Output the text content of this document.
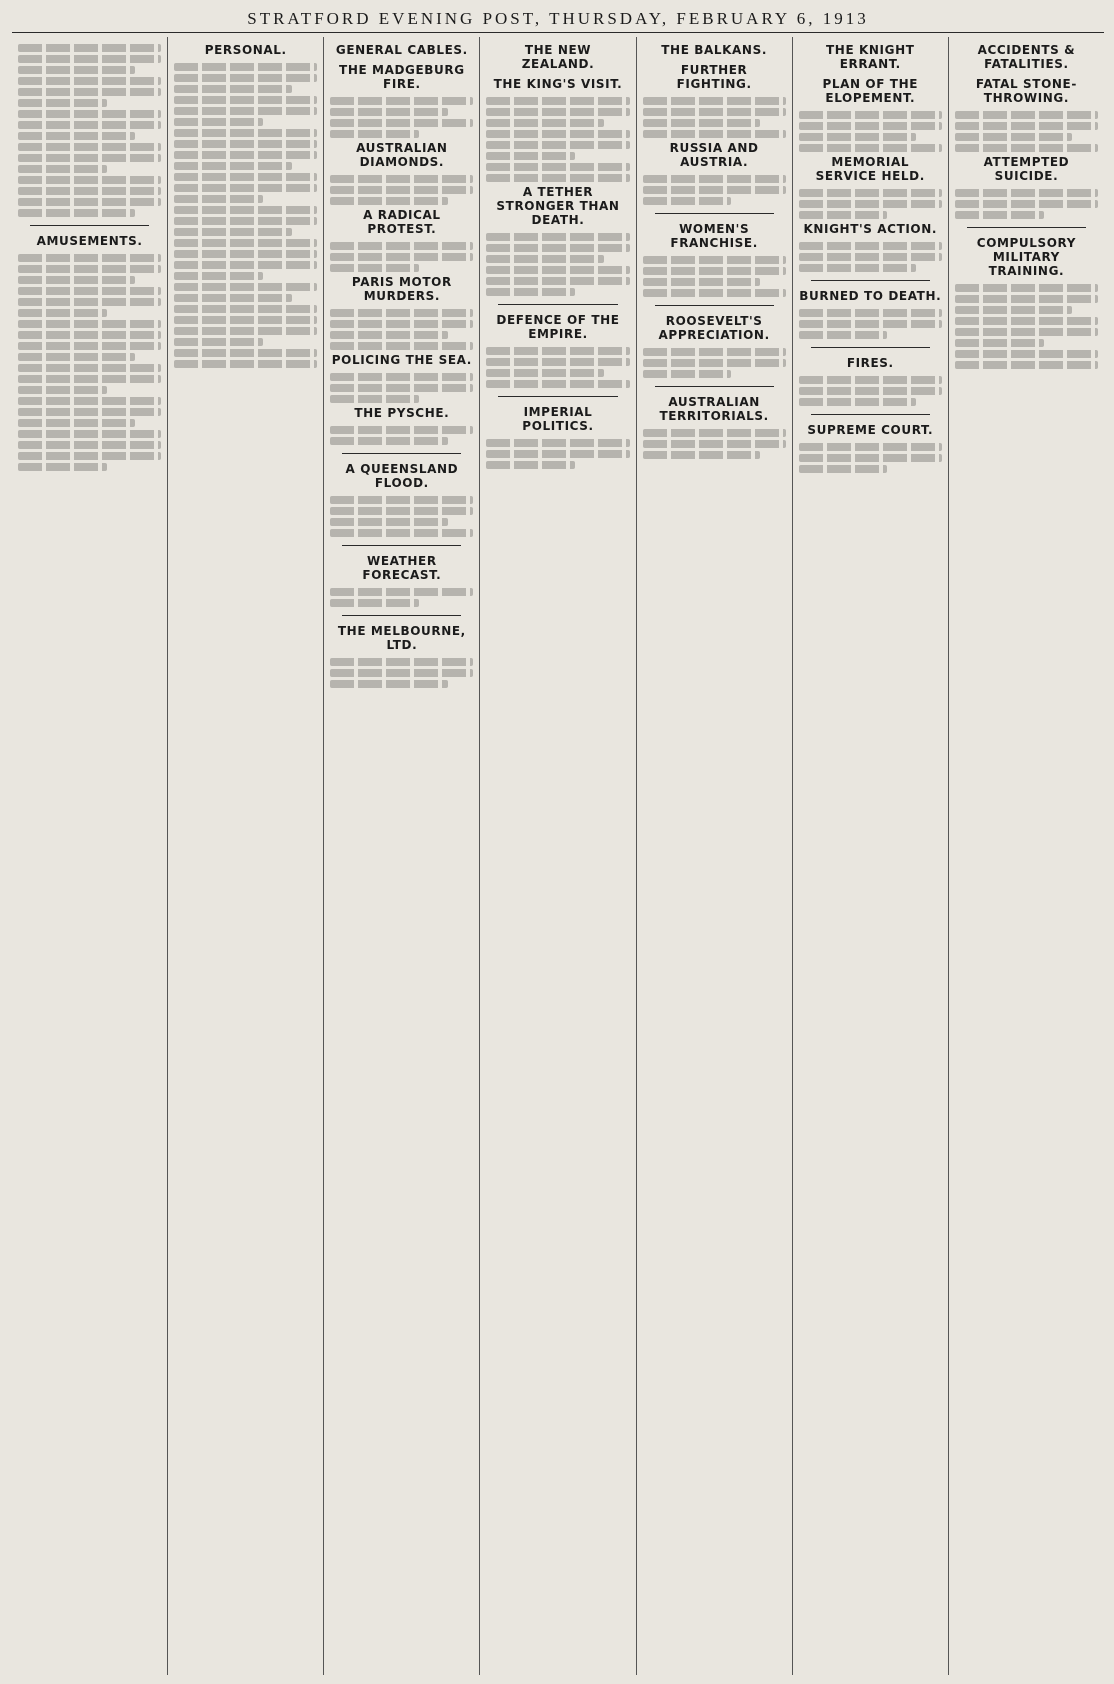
STRATFORD EVENING POST, THURSDAY, FEBRUARY 6, 1913
AMUSEMENTS.
PERSONAL.	GENERAL CABLES.
THE MADGEBURG FIRE.
AUSTRALIAN DIAMONDS.
A RADICAL PROTEST.
PARIS MOTOR MURDERS.
POLICING THE SEA.
THE PYSCHE.
A QUEENSLAND FLOOD.
WEATHER FORECAST.
THE MELBOURNE, LTD.
THE NEW ZEALAND.
THE KING'S VISIT.
A TETHER STRONGER THAN DEATH.
DEFENCE OF THE EMPIRE.
IMPERIAL POLITICS.
THE BALKANS.
FURTHER FIGHTING.
RUSSIA AND AUSTRIA.
WOMEN'S FRANCHISE.
ROOSEVELT'S APPRECIATION.
AUSTRALIAN TERRITORIALS.
THE KNIGHT ERRANT.
PLAN OF THE ELOPEMENT.
MEMORIAL SERVICE HELD.
KNIGHT'S ACTION.
BURNED TO DEATH.
FIRES.
SUPREME COURT.
ACCIDENTS & FATALITIES.
FATAL STONE-THROWING.
ATTEMPTED SUICIDE.
COMPULSORY MILITARY TRAINING.
